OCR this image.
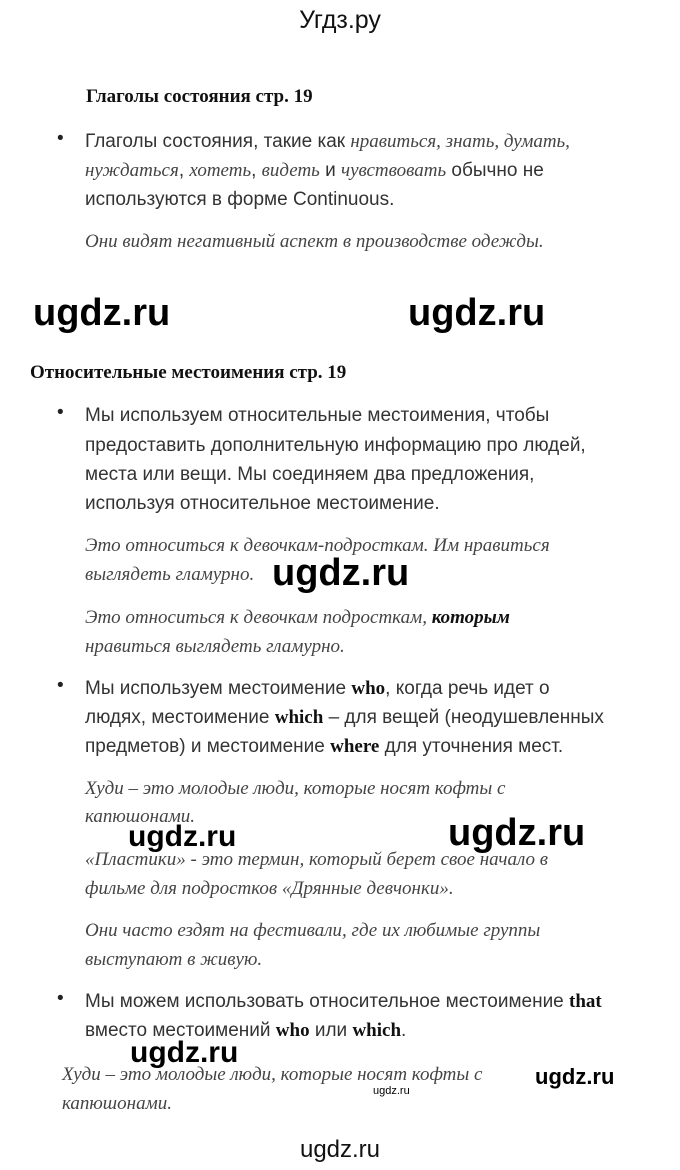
Угдз.ру
Глаголы состояния стр. 19
• Глаголы состояния, такие как нравиться, знать, думать,
нуждаться, хотеть, видеть и чувствовать обычно не
используются в форме Continuous.
Они видят негативный аспект в производстве одежды.
ugdz.ru	ugdz.ru
Относительные местоимения стр. 19
• Мы используем относительные местоимения, чтобы
предоставить дополнительную информацию про людей,
места или вещи. Мы соединяем два предложения,
используя относительное местоимение.
Это относиться к девочкам-подросткам. Им нравиться
выглядеть гламурно. ugdz.ru
Это относиться к девочкам подросткам, которым
нравиться выглядеть гламурно.
• Мы используем местоимение who, когда речь идет о
людях, местоимение which – для вещей (неодушевленных
предметов) и местоимение where для уточнения мест.
Худи – это молодые люди, которые носят кофты с
капюшонами.
ugdz.ru	ugdz.ru
«Пластики» - это термин, который берет свое начало в
фильме для подростков «Дрянные девчонки».
Они часто ездят на фестивали, где их любимые группы
выступают в живую.
• Мы можем использовать относительное местоимение that
вместо местоимений who или which.
ugdz.ru
Худи – это молодые люди, которые носят кофты с
капюшонами.
ugdz.ru
ugdz.ru
ugdz.ru
